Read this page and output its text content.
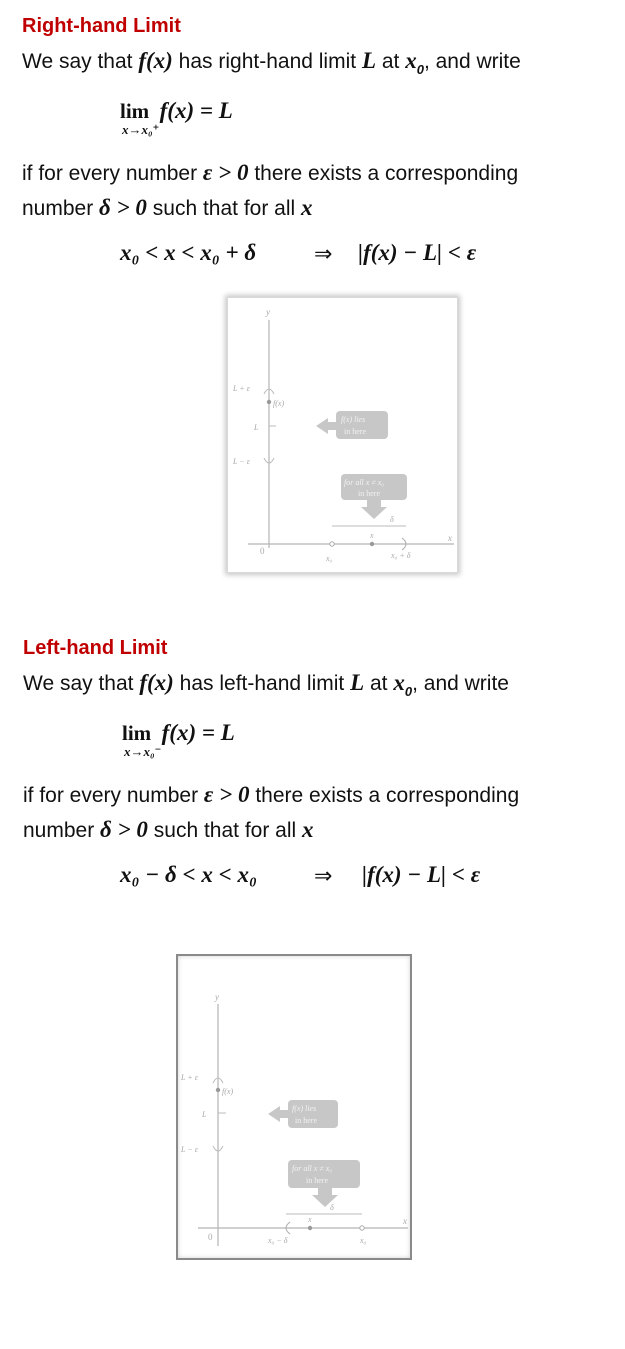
Right-hand Limit
We say that f(x) has right-hand limit L at $x_0$, and write
lim f(x) = L
x→x₀⁺
if for every number ε > 0 there exists a corresponding
number δ > 0 such that for all x
x₀ < x < x₀ + δ	⇒ |f(x) − L| < ε
y
x
0
L + ε
f(x)
L
L − ε
f(x) lies
in here
for all x ≠ x₀
in here
δ
x
x₀	x₀ + δ
Left-hand Limit
We say that f(x) has left-hand limit L at $x_0$, and write
lim f(x) = L
x→x₀⁻
if for every number ε > 0 there exists a corresponding
number δ > 0 such that for all x
x₀ − δ < x < x₀	⇒ |f(x) − L| < ε
y
x
0
L + ε
f(x)
L
L − ε
f(x) lies
in here
for all x ≠ x₀
in here
δ
x
x₀ − δ	x₀
